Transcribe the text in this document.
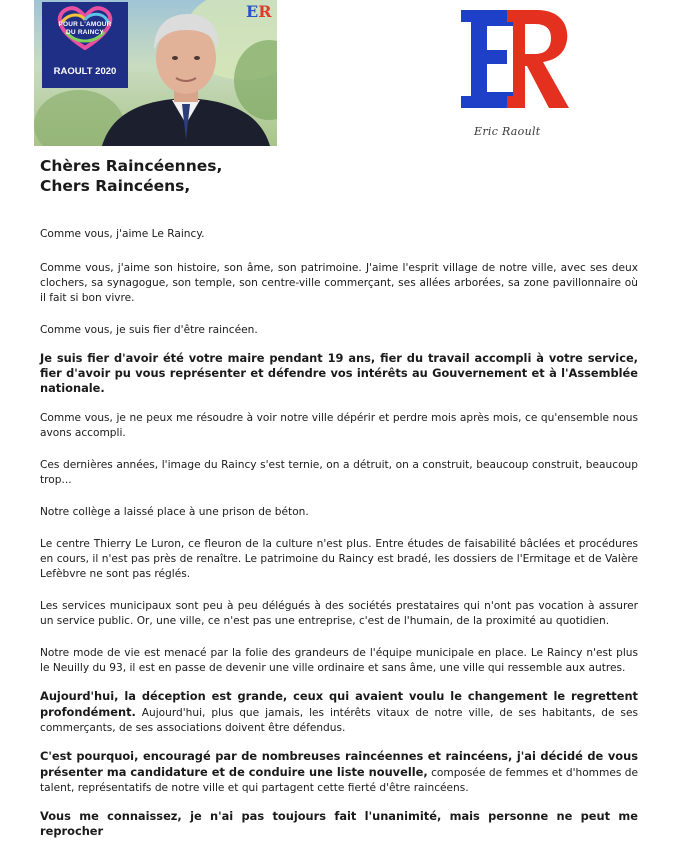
POUR L'AMOUR
DU RAINCY
RAOULT 2020
ER
Eric Raoult
Chères Raincéennes,
Chers Raincéens,

Comme vous, j'aime Le Raincy.

Comme vous, j'aime son histoire, son âme, son patrimoine. J'aime l'esprit village de notre ville, avec ses deux clochers, sa synagogue, son temple, son centre-ville commerçant, ses allées arborées, sa zone pavillonnaire où il fait si bon vivre.

Comme vous, je suis fier d'être raincéen.

Je suis fier d'avoir été votre maire pendant 19 ans, fier du travail accompli à votre service, fier d'avoir pu vous représenter et défendre vos intérêts au Gouvernement et à l'Assemblée nationale.

Comme vous, je ne peux me résoudre à voir notre ville dépérir et perdre mois après mois, ce qu'ensemble nous avons accompli.

Ces dernières années, l'image du Raincy s'est ternie, on a détruit, on a construit, beaucoup construit, beaucoup trop...

Notre collège a laissé place à une prison de béton.

Le centre Thierry Le Luron, ce fleuron de la culture n'est plus. Entre études de faisabilité bâclées et procédures en cours, il n'est pas près de renaître. Le patrimoine du Raincy est bradé, les dossiers de l'Ermitage et de Valère Lefèbvre ne sont pas réglés.

Les services municipaux sont peu à peu délégués à des sociétés prestataires qui n'ont pas vocation à assurer un service public. Or, une ville, ce n'est pas une entreprise, c'est de l'humain, de la proximité au quotidien.

Notre mode de vie est menacé par la folie des grandeurs de l'équipe municipale en place. Le Raincy n'est plus le Neuilly du 93, il est en passe de devenir une ville ordinaire et sans âme, une ville qui ressemble aux autres.

Aujourd'hui, la déception est grande, ceux qui avaient voulu le changement le regrettent profondément. Aujourd'hui, plus que jamais, les intérêts vitaux de notre ville, de ses habitants, de ses commerçants, de ses associations doivent être défendus.

C'est pourquoi, encouragé par de nombreuses raincéennes et raincéens, j'ai décidé de vous présenter ma candidature et de conduire une liste nouvelle, composée de femmes et d'hommes de talent, représentatifs de notre ville et qui partagent cette fierté d'être raincéens.

Vous me connaissez, je n'ai pas toujours fait l'unanimité, mais personne ne peut me reprocher
